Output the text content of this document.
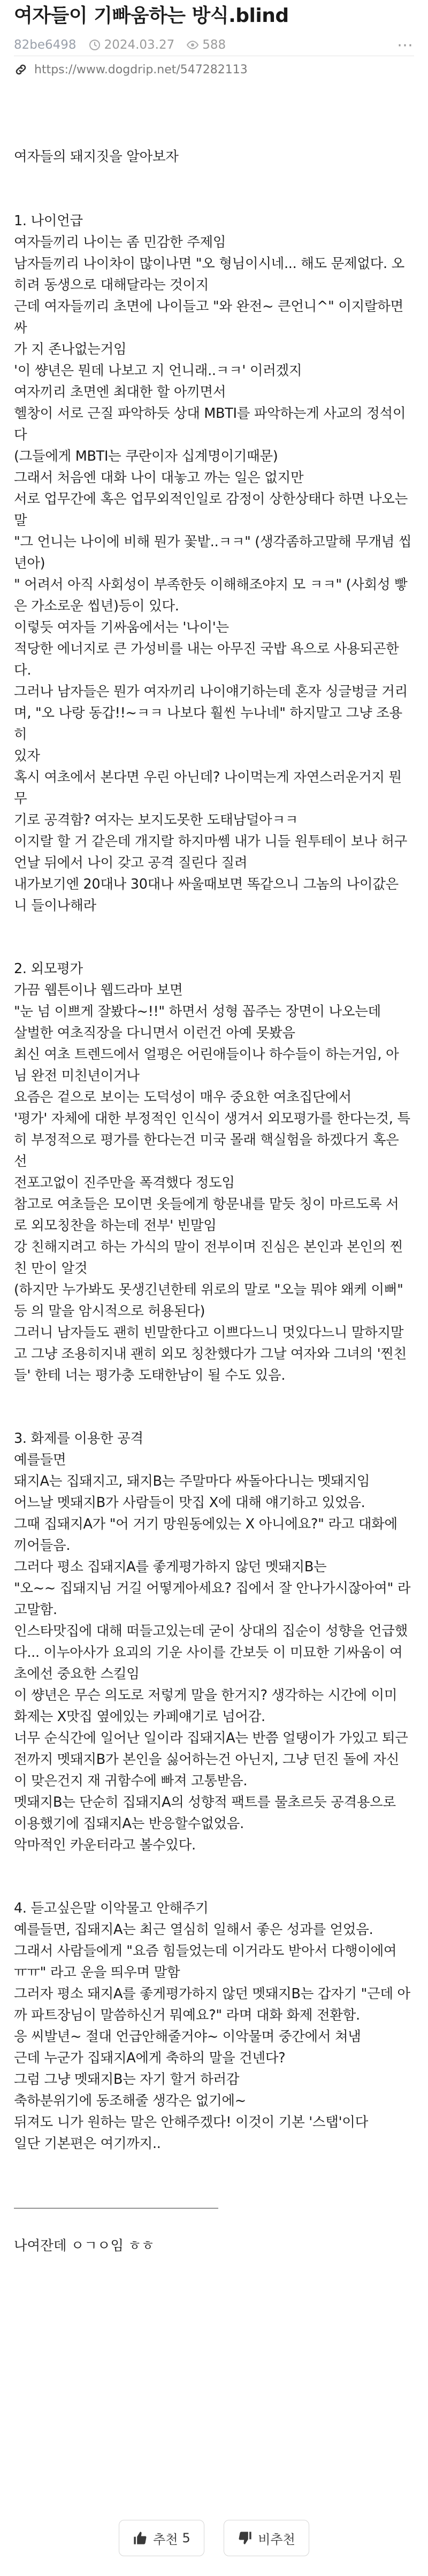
여자들이 기빠움하는 방식.blind
82be6498 2024.03.27 588	⋯
https://www.dogdrip.net/547282113

여자들의 돼지짓을 알아보자

1. 나이언급

여자들끼리 나이는 좀 민감한 주제임

남자들끼리 나이차이 많이나면 "오 형님이시네... 해도 문제없다. 오

히려 동생으로 대해달라는 것이지

근데 여자들끼리 초면에 나이들고 "와 완전~ 큰언니^" 이지랄하면 싸

가 지 존나없는거임

'이 썅년은 뭔데 나보고 지 언니래..ㅋㅋ' 이러겠지

여자끼리 초면엔 최대한 할 아끼면서

헬창이 서로 근질 파악하듯 상대 MBTI를 파악하는게 사교의 정석이

다

(그들에게 MBTI는 쿠란이자 십계명이기때문)

그래서 처음엔 대화 나이 대놓고 까는 일은 없지만

서로 업무간에 혹은 업무외적인일로 감정이 상한상태다 하면 나오는 말

"그 언니는 나이에 비해 뭔가 꽃밭..ㅋㅋ" (생각좀하고말해 무개념 씹

년아)

" 어려서 아직 사회성이 부족한듯 이해해조야지 모 ㅋㅋ" (사회성 빻

은 가소로운 씹년)등이 있다.

이렇듯 여자들 기싸움에서는 '나이'는

적당한 에너지로 큰 가성비를 내는 아무진 국밥 욕으로 사용되곤한

다.

그러나 남자들은 뭔가 여자끼리 나이얘기하는데 혼자 싱글벙글 거리

며, "오 나랑 동갑!!~ㅋㅋ 나보다 훨씬 누나네" 하지말고 그냥 조용히

있자

혹시 여초에서 본다면 우린 아닌데? 나이먹는게 자연스러운거지 뭔 무

기로 공격함? 여자는 보지도못한 도태남덜아ㅋㅋ

이지랄 할 거 같은데 개지랄 하지마쎔 내가 니들 원투테이 보나 허구

언날 뒤에서 나이 갖고 공격 질린다 질려

내가보기엔 20대나 30대나 싸울때보면 똑같으니 그놈의 나이값은

니 들이나해라

2. 외모평가

가끔 웹튼이나 웹드라마 보면

"눈 넘 이쁘게 잘봤다~!!" 하면서 성형 꼽주는 장면이 나오는데

살벌한 여초직장을 다니면서 이런건 아예 못봤음

최신 여초 트렌드에서 얼평은 어린애들이나 하수들이 하는거임, 아

님 완전 미친년이거나

요즘은 겉으로 보이는 도덕성이 매우 중요한 여초집단에서

'평가' 자체에 대한 부정적인 인식이 생겨서 외모평가를 한다는것, 특

히 부정적으로 평가를 한다는건 미국 몰래 핵실험을 하겠다거 혹은 선

전포고없이 진주만을 폭격했다 정도임

참고로 여초들은 모이면 옷들에게 항문내를 맡듯 칭이 마르도록 서

로 외모칭찬을 하는데 전부' 빈말임

강 친해지려고 하는 가식의 말이 전부이며 진심은 본인과 본인의 찐

친 만이 알것

(하지만 누가봐도 못생긴년한테 위로의 말로 "오늘 뭐야 왜케 이뻐"

등 의 말을 암시적으로 허용된다)

그러니 남자들도 괜히 빈말한다고 이쁘다느니 멋있다느니 말하지말

고 그냥 조용히지내 괜히 외모 칭찬했다가 그날 여자와 그녀의 '찐친

들' 한테 너는 평가충 도태한남이 될 수도 있음.

3. 화제를 이용한 공격

예를들면

돼지A는 집돼지고, 돼지B는 주말마다 싸돌아다니는 멧돼지임

어느날 멧돼지B가 사람들이 맛집 X에 대해 얘기하고 있었음.

그때 집돼지A가 "어 거기 망원동에있는 X 아니에요?" 라고 대화에

끼어들음.

그러다 평소 집돼지A를 좋게평가하지 않던 멧돼지B는

"오~~ 집돼지님 거길 어떻게아세요? 집에서 잘 안나가시잖아여" 라

고말함.

인스타맛집에 대해 떠들고있는데 굳이 상대의 집순이 성향을 언급했

다... 이누아사가 요괴의 기운 사이를 간보듯 이 미묘한 기싸움이 여

초에선 중요한 스킬임

이 썅년은 무슨 의도로 저렇게 말을 한거지? 생각하는 시간에 이미

화제는 X맛집 옆에있는 카페얘기로 넘어감.

너무 순식간에 일어난 일이라 집돼지A는 반쯤 얼탱이가 가있고 퇴근

전까지 멧돼지B가 본인을 싫어하는건 아닌지, 그냥 던진 돌에 자신

이 맞은건지 재 귀함수에 빠져 고통받음.

멧돼지B는 단순히 집돼지A의 성향적 팩트를 물초르듯 공격용으로

이용했기에 집돼지A는 반응할수없었음.

악마적인 카운터라고 볼수있다.

4. 듣고싶은말 이악물고 안해주기

예를들면, 집돼지A는 최근 열심히 일해서 좋은 성과를 얻었음.

그래서 사람들에게 "요즘 힘들었는데 이거라도 받아서 다행이에여

ㅠㅠ" 라고 운을 띄우며 말함

그러자 평소 돼지A를 좋게평가하지 않던 멧돼지B는 갑자기 "근데 아

까 파트장님이 말씀하신거 뭐예요?" 라며 대화 화제 전환함.

응 씨발년~ 절대 언급안해줄거야~ 이악물며 중간에서 쳐냄

근데 누군가 집돼지A에게 축하의 말을 건넨다?

그럼 그냥 멧돼지B는 자기 할거 하러감

축하분위기에 동조해줄 생각은 없기에~

뒤져도 니가 원하는 말은 안해주겠다! 이것이 기본 '스탭'이다

일단 기본편은 여기까지..

나여잔데 ㅇㄱㅇ임 ㅎㅎ

추천 5	비추천
